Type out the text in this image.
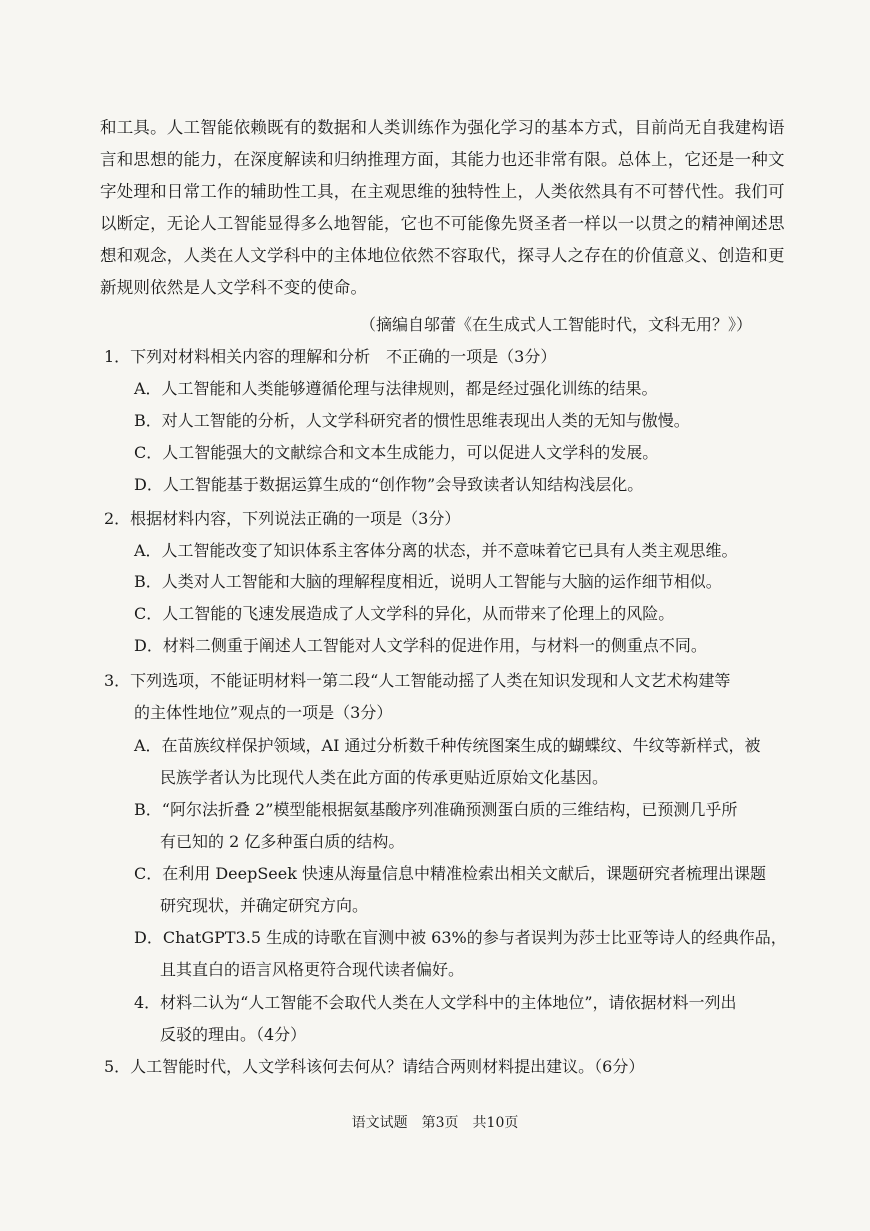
和工具。人工智能依赖既有的数据和人类训练作为强化学习的基本方式，目前尚无自我建构语
言和思想的能力，在深度解读和归纳推理方面，其能力也还非常有限。总体上，它还是一种文
字处理和日常工作的辅助性工具，在主观思维的独特性上，人类依然具有不可替代性。我们可
以断定，无论人工智能显得多么地智能，它也不可能像先贤圣者一样以一以贯之的精神阐述思
想和观念，人类在人文学科中的主体地位依然不容取代，探寻人之存在的价值意义、创造和更
新规则依然是人文学科不变的使命。
（摘编自邬蕾《在生成式人工智能时代，文科无用？》）
1．下列对材料相关内容的理解和分析　不正确的一项是（3分）
A．人工智能和人类能够遵循伦理与法律规则，都是经过强化训练的结果。
B．对人工智能的分析，人文学科研究者的惯性思维表现出人类的无知与傲慢。
C．人工智能强大的文献综合和文本生成能力，可以促进人文学科的发展。
D．人工智能基于数据运算生成的“创作物”会导致读者认知结构浅层化。
2．根据材料内容，下列说法正确的一项是（3分）
A．人工智能改变了知识体系主客体分离的状态，并不意味着它已具有人类主观思维。
B．人类对人工智能和大脑的理解程度相近，说明人工智能与大脑的运作细节相似。
C．人工智能的飞速发展造成了人文学科的异化，从而带来了伦理上的风险。
D．材料二侧重于阐述人工智能对人文学科的促进作用，与材料一的侧重点不同。
3．下列选项，不能证明材料一第二段“人工智能动摇了人类在知识发现和人文艺术构建等
的主体性地位”观点的一项是（3分）
A．在苗族纹样保护领域，AI 通过分析数千种传统图案生成的蝴蝶纹、牛纹等新样式，被
民族学者认为比现代人类在此方面的传承更贴近原始文化基因。
B．“阿尔法折叠 2”模型能根据氨基酸序列准确预测蛋白质的三维结构，已预测几乎所
有已知的 2 亿多种蛋白质的结构。
C．在利用 DeepSeek 快速从海量信息中精准检索出相关文献后，课题研究者梳理出课题
研究现状，并确定研究方向。
D．ChatGPT3.5 生成的诗歌在盲测中被 63%的参与者误判为莎士比亚等诗人的经典作品，
且其直白的语言风格更符合现代读者偏好。
4．材料二认为“人工智能不会取代人类在人文学科中的主体地位”，请依据材料一列出
反驳的理由。（4分）
5．人工智能时代，人文学科该何去何从？请结合两则材料提出建议。（6分）
语文试题　第3页　共10页
